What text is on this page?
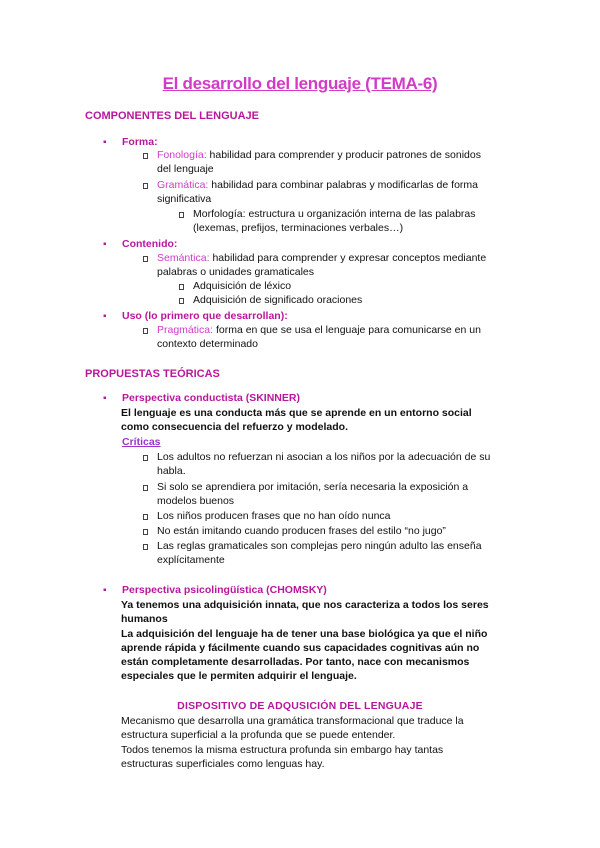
El desarrollo del lenguaje (TEMA-6)
COMPONENTES DEL LENGUAJE
▪ Forma:
Fonología: habilidad para comprender y producir patrones de sonidos
del lenguaje
Gramática: habilidad para combinar palabras y modificarlas de forma
significativa
Morfología: estructura u organización interna de las palabras
(lexemas, prefijos, terminaciones verbales…)
▪ Contenido:
Semántica: habilidad para comprender y expresar conceptos mediante
palabras o unidades gramaticales
Adquisición de léxico
Adquisición de significado oraciones
▪ Uso (lo primero que desarrollan):
Pragmática: forma en que se usa el lenguaje para comunicarse en un
contexto determinado
PROPUESTAS TEÓRICAS
▪ Perspectiva conductista (SKINNER)
El lenguaje es una conducta más que se aprende en un entorno social
como consecuencia del refuerzo y modelado.
Críticas
Los adultos no refuerzan ni asocian a los niños por la adecuación de su
habla.
Si solo se aprendiera por imitación, sería necesaria la exposición a
modelos buenos
Los niños producen frases que no han oído nunca
No están imitando cuando producen frases del estilo “no jugo”
Las reglas gramaticales son complejas pero ningún adulto las enseña
explícitamente
▪ Perspectiva psicolingüística (CHOMSKY)
Ya tenemos una adquisición innata, que nos caracteriza a todos los seres
humanos
La adquisición del lenguaje ha de tener una base biológica ya que el niño
aprende rápida y fácilmente cuando sus capacidades cognitivas aún no
están completamente desarrolladas. Por tanto, nace con mecanismos
especiales que le permiten adquirir el lenguaje.
DISPOSITIVO DE ADQUSICIÓN DEL LENGUAJE
Mecanismo que desarrolla una gramática transformacional que traduce la
estructura superficial a la profunda que se puede entender.
Todos tenemos la misma estructura profunda sin embargo hay tantas
estructuras superficiales como lenguas hay.
